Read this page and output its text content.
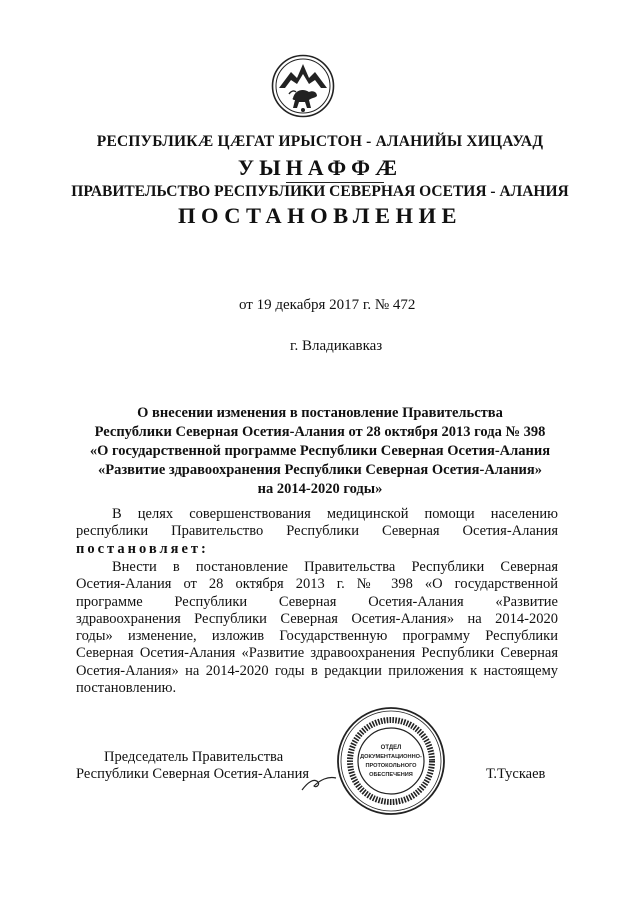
РЕСПУБЛИКÆ ЦÆГАТ ИРЫСТОН - АЛАНИЙЫ ХИЦАУАД
УЫНАФФÆ
ПРАВИТЕЛЬСТВО РЕСПУБЛИКИ СЕВЕРНАЯ ОСЕТИЯ - АЛАНИЯ
ПОСТАНОВЛЕНИЕ
от 19 декабря 2017 г. № 472
г. Владикавказ
О внесении изменения в постановление Правительства
Республики Северная Осетия-Алания от 28 октября 2013 года № 398
«О государственной программе Республики Северная Осетия-Алания
«Развитие здравоохранения Республики Северная Осетия-Алания»
на 2014-2020 годы»
В целях совершенствования медицинской помощи населению
республики Правительство Республики Северная Осетия-Алания
постановляет:
Внести в постановление Правительства Республики Северная
Осетия-Алания от 28 октября 2013 г. № 398 «О государственной
программе Республики Северная Осетия-Алания «Развитие
здравоохранения Республики Северная Осетия-Алания» на 2014-2020
годы» изменение, изложив Государственную программу Республики
Северная Осетия-Алания «Развитие здравоохранения Республики Северная
Осетия-Алания» на 2014-2020 годы в редакции приложения к настоящему
постановлению.
Председатель Правительства
Республики Северная Осетия-Алания	Т.Тускаев
ОТДЕЛ
ДОКУМЕНТАЦИОННО-
ПРОТОКОЛЬНОГО
ОБЕСПЕЧЕНИЯ
